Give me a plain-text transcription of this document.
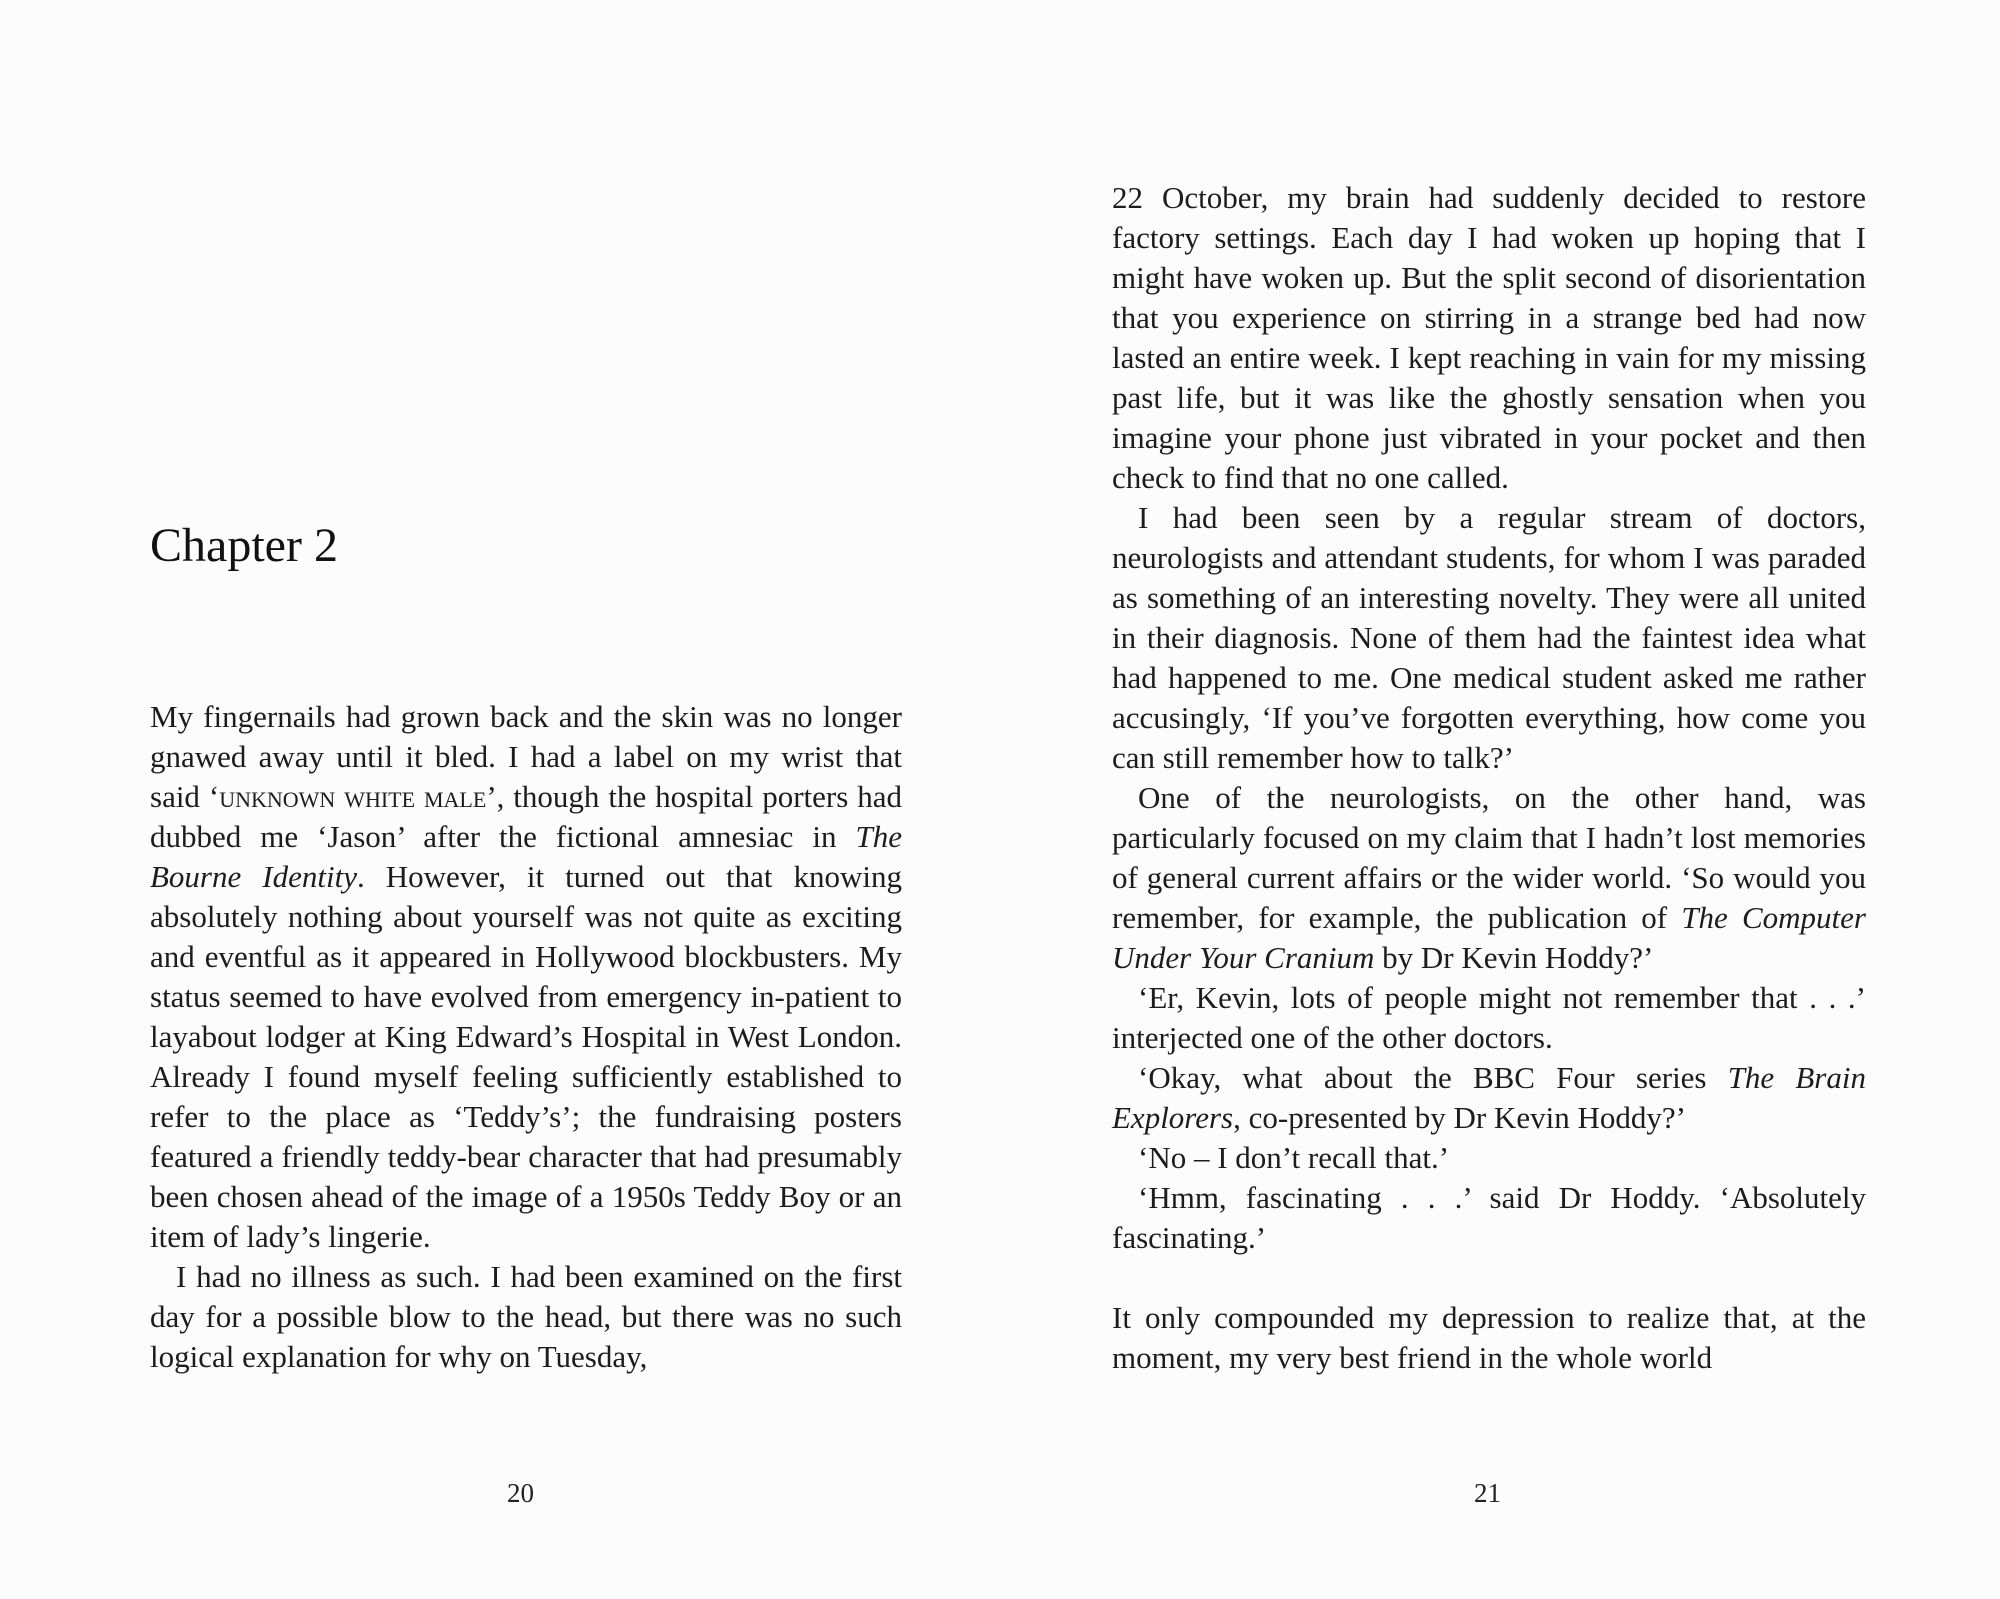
Chapter 2

My fingernails had grown back and the skin was no longer gnawed away until it bled. I had a label on my wrist that said ‘unknown white male’, though the hospital porters had dubbed me ‘Jason’ after the fictional amnesiac in The Bourne Identity. However, it turned out that knowing absolutely nothing about yourself was not quite as exciting and eventful as it appeared in Hollywood blockbusters. My status seemed to have evolved from emergency in-patient to layabout lodger at King Edward’s Hospital in West London. Already I found myself feeling sufficiently established to refer to the place as ‘Teddy’s’; the fundraising posters featured a friendly teddy-bear character that had presumably been chosen ahead of the image of a 1950s Teddy Boy or an item of lady’s lingerie.

I had no illness as such. I had been examined on the first day for a possible blow to the head, but there was no such logical explanation for why on Tuesday,

20

22 October, my brain had suddenly decided to restore factory settings. Each day I had woken up hoping that I might have woken up. But the split second of disorientation that you experience on stirring in a strange bed had now lasted an entire week. I kept reaching in vain for my missing past life, but it was like the ghostly sensation when you imagine your phone just vibrated in your pocket and then check to find that no one called.

I had been seen by a regular stream of doctors, neurologists and attendant students, for whom I was paraded as something of an interesting novelty. They were all united in their diagnosis. None of them had the faintest idea what had happened to me. One medical student asked me rather accusingly, ‘If you’ve forgotten everything, how come you can still remember how to talk?’

One of the neurologists, on the other hand, was particularly focused on my claim that I hadn’t lost memories of general current affairs or the wider world. ‘So would you remember, for example, the publication of The Computer Under Your Cranium by Dr Kevin Hoddy?’

‘Er, Kevin, lots of people might not remember that . . .’ interjected one of the other doctors.

‘Okay, what about the BBC Four series The Brain Explorers, co-presented by Dr Kevin Hoddy?’

‘No – I don’t recall that.’

‘Hmm, fascinating . . .’ said Dr Hoddy. ‘Absolutely fascinating.’

It only compounded my depression to realize that, at the moment, my very best friend in the whole world

21
